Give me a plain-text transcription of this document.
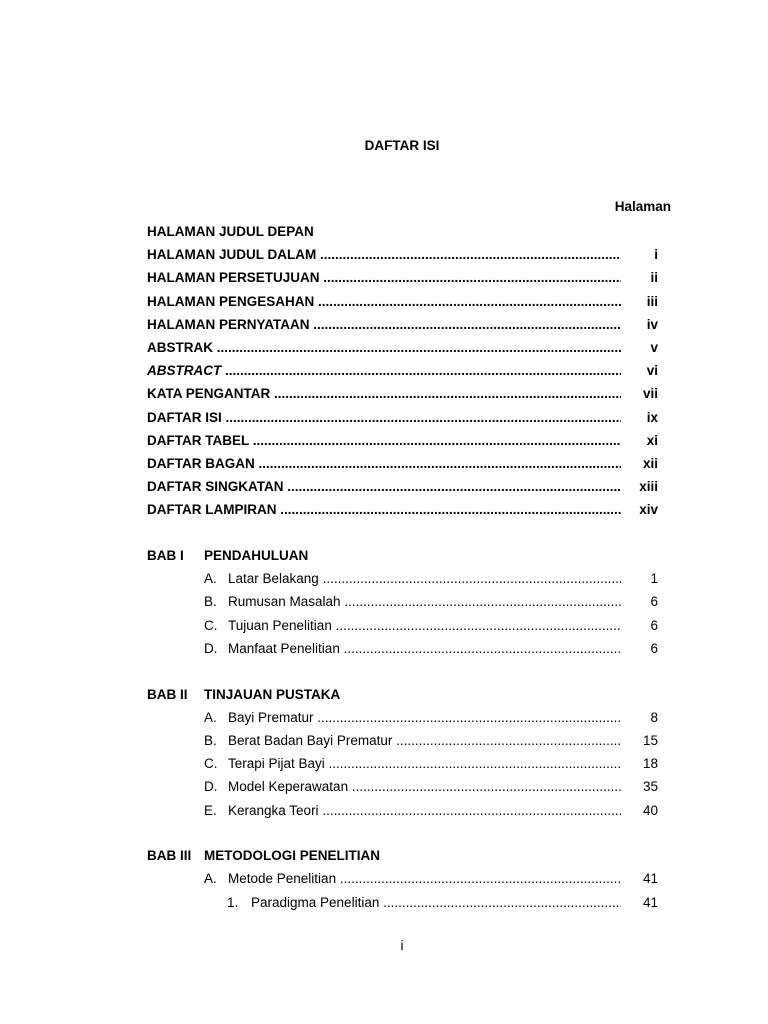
DAFTAR ISI
Halaman
HALAMAN JUDUL DEPAN
HALAMAN JUDUL DALAM .....	i
HALAMAN PERSETUJUAN .....	ii
HALAMAN PENGESAHAN .....	iii
HALAMAN PERNYATAAN .....	iv
ABSTRAK .....	v
ABSTRACT .....	vi
KATA PENGANTAR .....	vii
DAFTAR ISI .....	ix
DAFTAR TABEL .....	xi
DAFTAR BAGAN .....	xii
DAFTAR SINGKATAN .....	xiii
DAFTAR LAMPIRAN .....	xiv
BAB I PENDAHULUAN
A. Latar Belakang .....	1
B. Rumusan Masalah .....	6
C. Tujuan Penelitian .....	6
D. Manfaat Penelitian .....	6
BAB II TINJAUAN PUSTAKA
A. Bayi Prematur .....	8
B. Berat Badan Bayi Prematur .....	15
C. Terapi Pijat Bayi .....	18
D. Model Keperawatan .....	35
E. Kerangka Teori .....	40
BAB III METODOLOGI PENELITIAN
A. Metode Penelitian .....	41
1. Paradigma Penelitian .....	41
i
